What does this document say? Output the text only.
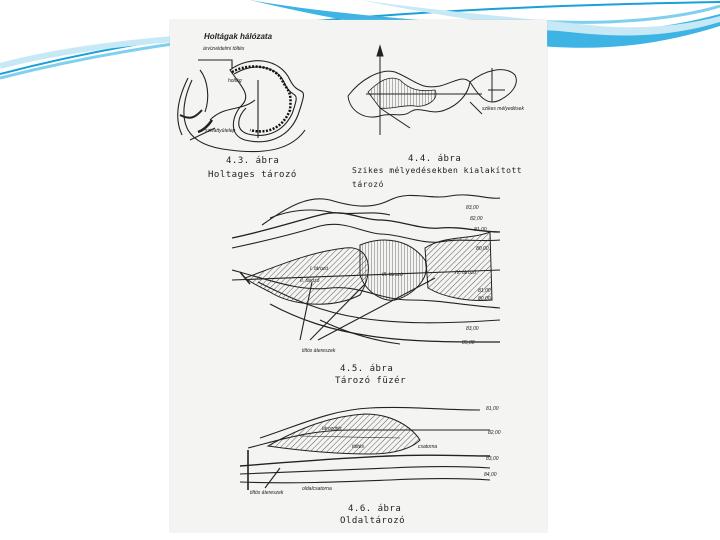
Holtágak hálózata
árvízvédelmi töltés
holtág
szivattyútelep
4.3. ábra
Holtages tározó
szikes mélyedések
4.4. ábra
Szikes mélyedésekben kialakított
tározó
I. tározó
II. tározó
III. tározó	IV. tározó
83,00
82,00
81,00
80,00
81,00
80,00
83,00
85,00
tiltós átereszek
4.5. ábra
Tározó füzér
tározótér
töltés	csatorna
81,00
82,00
83,00
84,00
tiltós átereszek
oldalcsatorna
4.6. ábra
Oldaltározó
